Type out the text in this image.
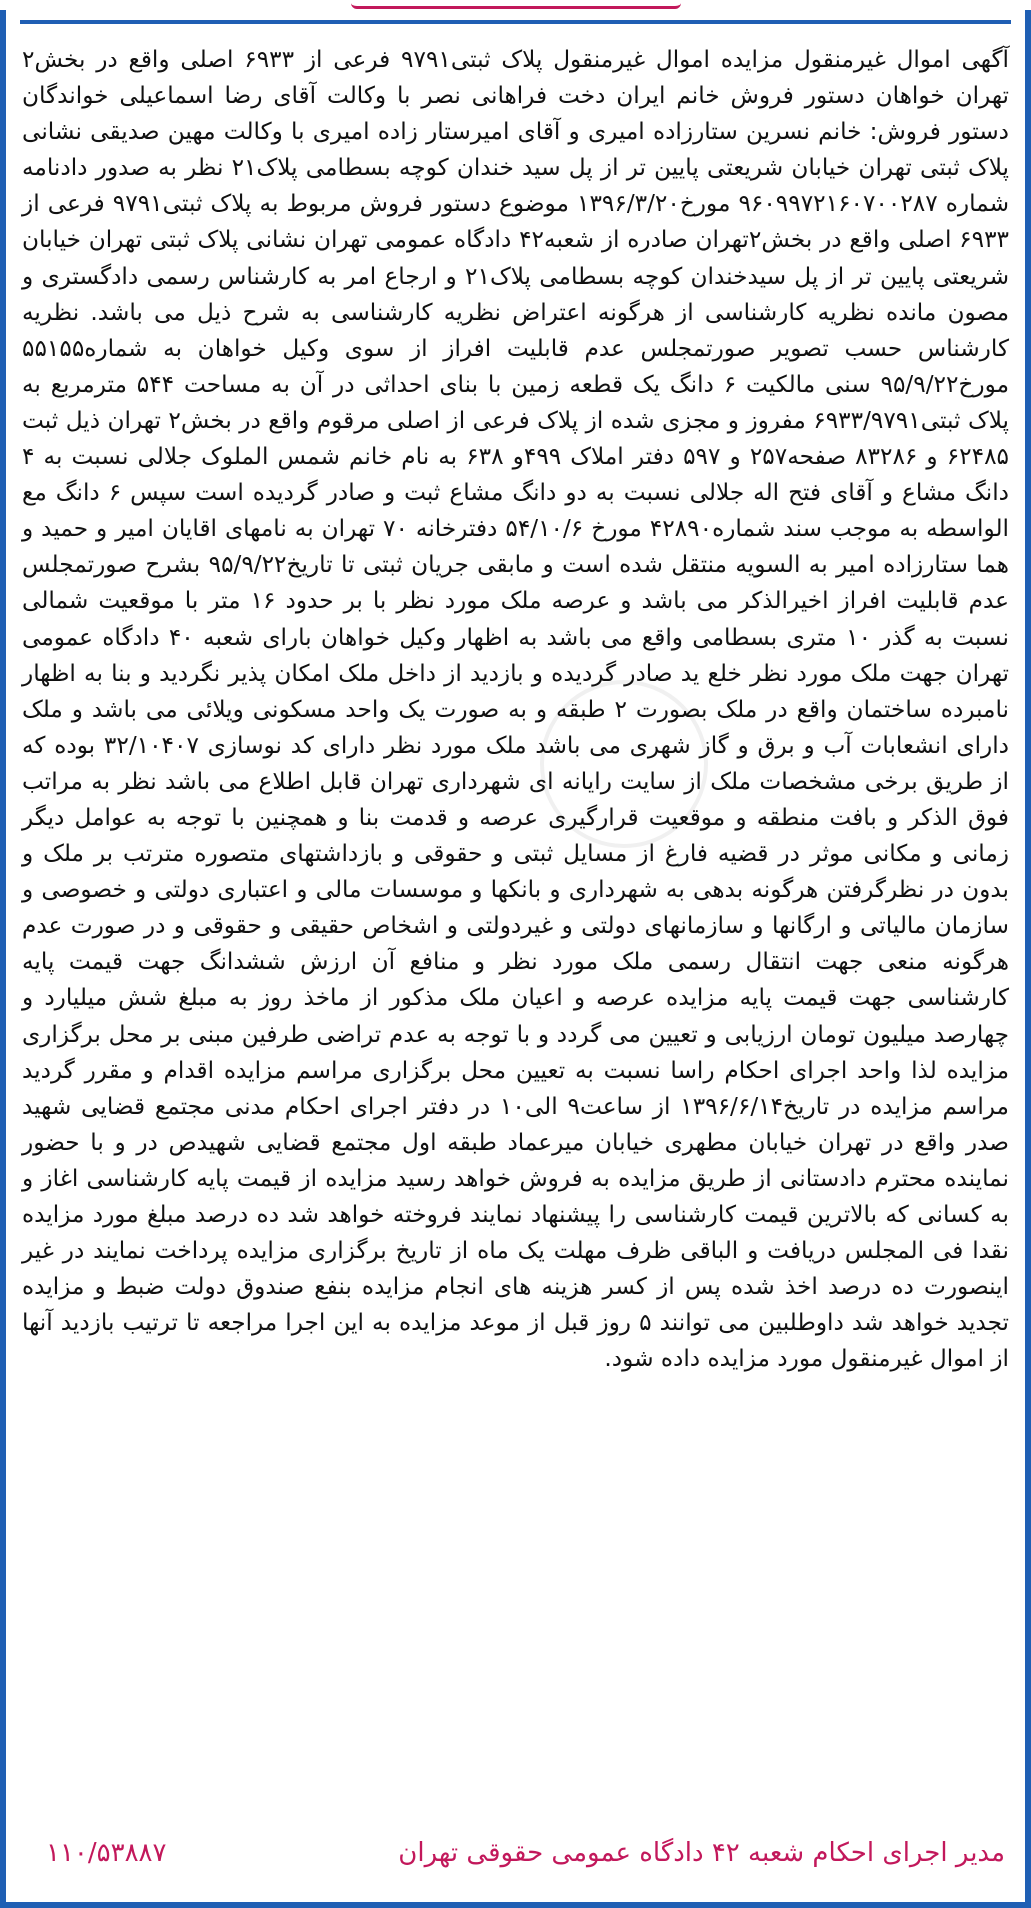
آگهی اموال غیرمنقول مزایده اموال غیرمنقول پلاک ثبتی۹۷۹۱ فرعی از ۶۹۳۳ اصلی واقع در بخش۲ تهران خواهان دستور فروش خانم ایران دخت فراهانی نصر با وکالت آقای رضا اسماعیلی خواندگان دستور فروش: خانم نسرین ستارزاده امیری و آقای امیرستار زاده امیری با وکالت مهین صدیقی نشانی پلاک ثبتی تهران خیابان شریعتی پایین تر از پل سید خندان کوچه بسطامی پلاک۲۱ نظر به صدور دادنامه شماره ۹۶۰۹۹۷۲۱۶۰۷۰۰۲۸۷ مورخ۱۳۹۶/۳/۲۰ موضوع دستور فروش مربوط به پلاک ثبتی۹۷۹۱ فرعی از ۶۹۳۳ اصلی واقع در بخش۲تهران صادره از شعبه۴۲ دادگاه عمومی تهران نشانی پلاک ثبتی تهران خیابان شریعتی پایین تر از پل سیدخندان کوچه بسطامی پلاک۲۱ و ارجاع امر به کارشناس رسمی دادگستری و مصون مانده نظریه کارشناسی از هرگونه اعتراض نظریه کارشناسی به شرح ذیل می باشد. نظریه کارشناس حسب تصویر صورتمجلس عدم قابلیت افراز از سوی وکیل خواهان به شماره۵۵۱۵۵ مورخ۹۵/۹/۲۲ سنی مالکیت ۶ دانگ یک قطعه زمین با بنای احداثی در آن به مساحت ۵۴۴ مترمربع به پلاک ثبتی۶۹۳۳/۹۷۹۱ مفروز و مجزی شده از پلاک فرعی از اصلی مرقوم واقع در بخش۲ تهران ذیل ثبت ۶۲۴۸۵ و ۸۳۲۸۶ صفحه۲۵۷ و ۵۹۷ دفتر املاک ۴۹۹و ۶۳۸ به نام خانم شمس الملوک جلالی نسبت به ۴ دانگ مشاع و آقای فتح اله جلالی نسبت به دو دانگ مشاع ثبت و صادر گردیده است سپس ۶ دانگ مع الواسطه به موجب سند شماره۴۲۸۹۰ مورخ ۵۴/۱۰/۶ دفترخانه ۷۰ تهران به نامهای اقایان امیر و حمید و هما ستارزاده امیر به السویه منتقل شده است و مابقی جریان ثبتی تا تاریخ۹۵/۹/۲۲ بشرح صورتمجلس عدم قابلیت افراز اخیرالذکر می باشد و عرصه ملک مورد نظر با بر حدود ۱۶ متر با موقعیت شمالی نسبت به گذر ۱۰ متری بسطامی واقع می باشد به اظهار وکیل خواهان بارای شعبه ۴۰ دادگاه عمومی تهران جهت ملک مورد نظر خلع ید صادر گردیده و بازدید از داخل ملک امکان پذیر نگردید و بنا به اظهار نامبرده ساختمان واقع در ملک بصورت ۲ طبقه و به صورت یک واحد مسکونی ویلائی می باشد و ملک دارای انشعابات آب و برق و گاز شهری می باشد ملک مورد نظر دارای کد نوسازی ۳۲/۱۰۴۰۷ بوده که از طریق برخی مشخصات ملک از سایت رایانه ای شهرداری تهران قابل اطلاع می باشد نظر به مراتب فوق الذکر و بافت منطقه و موقعیت قرارگیری عرصه و قدمت بنا و همچنین با توجه به عوامل دیگر زمانی و مکانی موثر در قضیه فارغ از مسایل ثبتی و حقوقی و بازداشتهای متصوره مترتب بر ملک و بدون در نظرگرفتن هرگونه بدهی به شهرداری و بانکها و موسسات مالی و اعتباری دولتی و خصوصی و سازمان مالیاتی و ارگانها و سازمانهای دولتی و غیردولتی و اشخاص حقیقی و حقوقی و در صورت عدم هرگونه منعی جهت انتقال رسمی ملک مورد نظر و منافع آن ارزش ششدانگ جهت قیمت پایه کارشناسی جهت قیمت پایه مزایده عرصه و اعیان ملک مذکور از ماخذ روز به مبلغ شش میلیارد و چهارصد میلیون تومان ارزیابی و تعیین می گردد و با توجه به عدم تراضی طرفین مبنی بر محل برگزاری مزایده لذا واحد اجرای احکام راسا نسبت به تعیین محل برگزاری مراسم مزایده اقدام و مقرر گردید مراسم مزایده در تاریخ۱۳۹۶/۶/۱۴ از ساعت۹ الی۱۰ در دفتر اجرای احکام مدنی مجتمع قضایی شهید صدر واقع در تهران خیابان مطهری خیابان میرعماد طبقه اول مجتمع قضایی شهیدص در و با حضور نماینده محترم دادستانی از طریق مزایده به فروش خواهد رسید مزایده از قیمت پایه کارشناسی اغاز و به کسانی که بالاترین قیمت کارشناسی را پیشنهاد نمایند فروخته خواهد شد ده درصد مبلغ مورد مزایده نقدا فی المجلس دریافت و الباقی ظرف مهلت یک ماه از تاریخ برگزاری مزایده پرداخت نمایند در غیر اینصورت ده درصد اخذ شده پس از کسر هزینه های انجام مزایده بنفع صندوق دولت ضبط و مزایده تجدید خواهد شد داوطلبین می توانند ۵ روز قبل از موعد مزایده به این اجرا مراجعه تا ترتیب بازدید آنها از اموال غیرمنقول مورد مزایده داده شود.
مدیر اجرای احکام شعبه ۴۲ دادگاه عمومی حقوقی تهران
۱۱۰/۵۳۸۸۷
